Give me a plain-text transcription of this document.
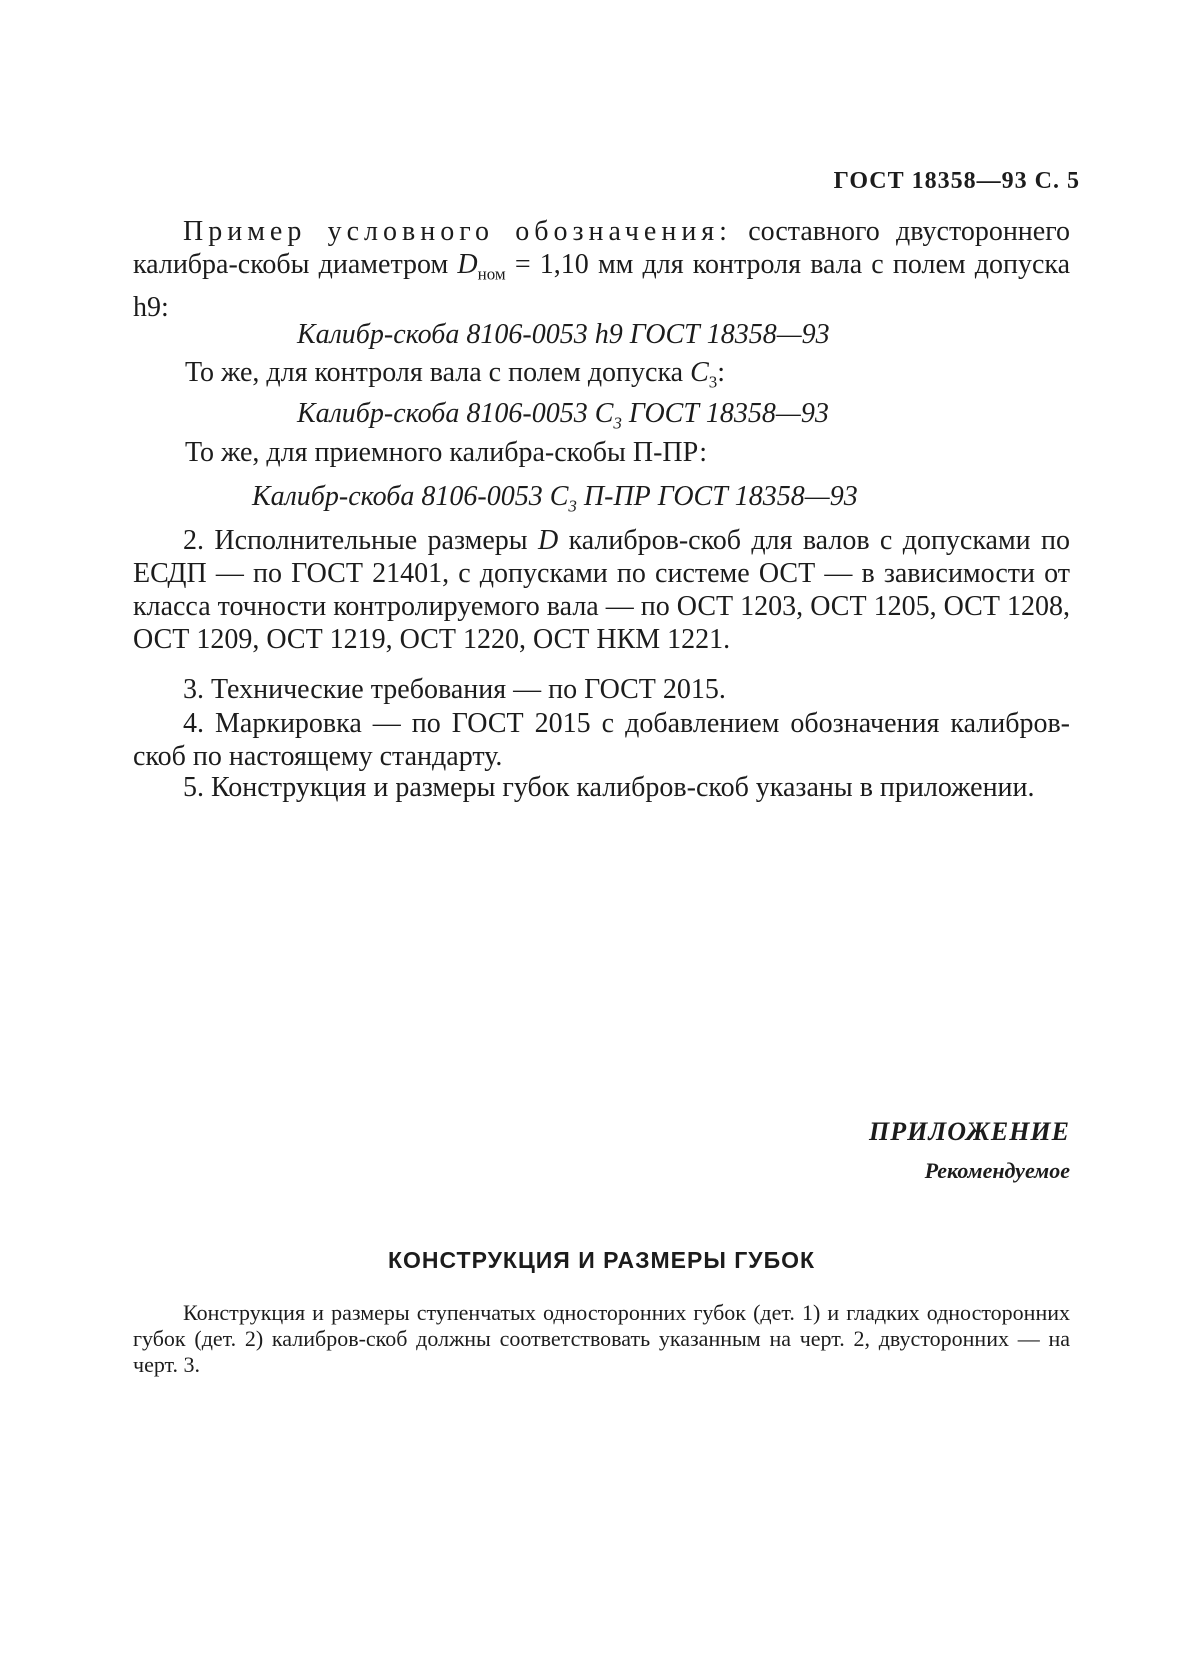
ГОСТ 18358—93 С. 5
Пример условного обозначения: составного двустороннего калибра-скобы диаметром $D_{ном} = 1,10$ мм для контроля вала с полем допуска h9:
Калибр-скоба 8106-0053 h9 ГОСТ 18358—93
То же, для контроля вала с полем допуска $C_3$:
Калибр-скоба 8106-0053 $C_3$ ГОСТ 18358—93
То же, для приемного калибра-скобы П-ПР:
Калибр-скоба 8106-0053 $C_3$ П-ПР ГОСТ 18358—93
2. Исполнительные размеры D калибров-скоб для валов с допусками по ЕСДП — по ГОСТ 21401, с допусками по системе ОСТ — в зависимости от класса точности контролируемого вала — по ОСТ 1203, ОСТ 1205, ОСТ 1208, ОСТ 1209, ОСТ 1219, ОСТ 1220, ОСТ НКМ 1221.
3. Технические требования — по ГОСТ 2015.
4. Маркировка — по ГОСТ 2015 с добавлением обозначения калибров-скоб по настоящему стандарту.
5. Конструкция и размеры губок калибров-скоб указаны в приложении.
ПРИЛОЖЕНИЕ
Рекомендуемое
КОНСТРУКЦИЯ И РАЗМЕРЫ ГУБОК
Конструкция и размеры ступенчатых односторонних губок (дет. 1) и гладких односторонних губок (дет. 2) калибров-скоб должны соответствовать указанным на черт. 2, двусторонних — на черт. 3.
